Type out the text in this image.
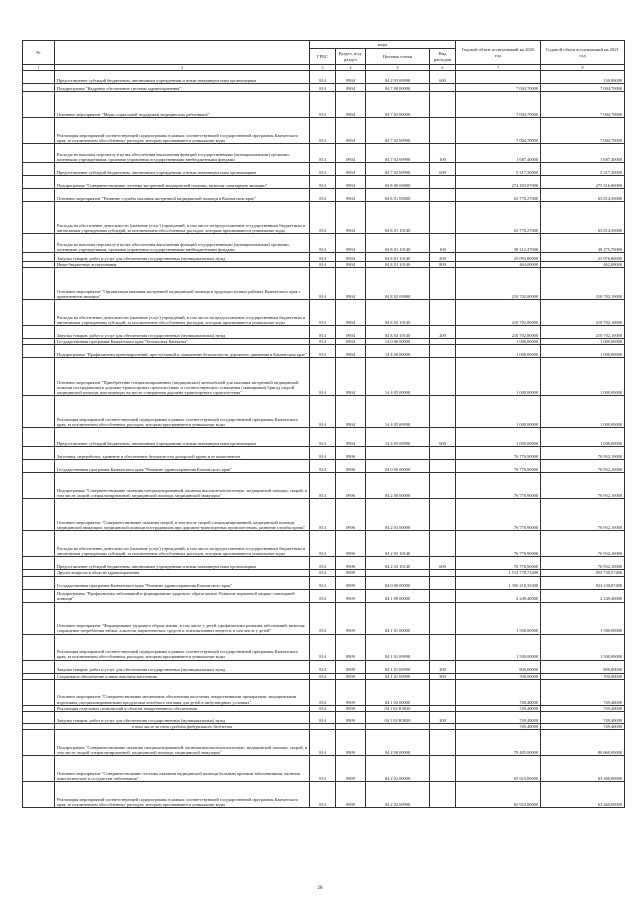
№		коды				Годовой объем ассигнований на 2020 год	Годовой объем ассигнований на 2021 год
		ГРБС	Раздел, под-раздел	Целевая статья	Вид расходов		
1	2	3	4	5	6	7	8
	Предоставление субсидий бюджетным, автономным учреждениям и иным некоммерческим организациям	814	0904	04 2 03 69990	600		130,00000
	Подпрограмма "Кадровое обеспечение системы здравоохранения"	814	0904	04 7 00 00000		7 004,70000	7 004,70000
	Основное мероприятие "Меры социальной поддержки медицинских работников"	814	0904	04 7 02 00000		7 004,70000	7 004,70000
	Реализация мероприятий соответствующей подпрограммы в рамках соответствующей государственной программы Камчатского края, за исключением обособленных расходов, которым присваиваются уникальные коды	814	0904	04 7 02 69990		7 004,70000	7 004,70000
	Расходы на выплаты персоналу в целях обеспечения выполнения функций государственными (муниципальными) органами, казенными учреждениями, органами управления государственными внебюджетными фондами	814	0904	04 7 02 69990	100	1 687,40000	1 687,40000
	Предоставление субсидий бюджетным, автономным учреждениям и иным некоммерческим организациям	814	0904	04 7 02 69990	600	5 317,30000	5 317,30000
	Подпрограмма "Совершенствование системы экстренной медицинской помощи, включая санитарную авиацию"	814	0904	04 Б 00 00000		274 493,07000	275 516,00000
	Основное мероприятие "Развитие службы оказания экстренной медицинской помощи в Камчатском крае"	814	0904	04 Б 01 00000		63 770,27000	63 814,50000
	Расходы на обеспечение деятельности (оказание услуг) учреждений, в том числе на предоставление государственным бюджетным и автономным учреждениям субсидий, за исключением обособленных расходов, которым присваиваются уникальные коды	814	0904	04 Б 01 10140		63 770,27000	63 814,50000
	Расходы на выплаты персоналу в целях обеспечения выполнения функций государственными (муниципальными) органами, казенными учреждениями, органами управления государственными внебюджетными фондами	814	0904	04 Б 01 10140	100	38 212,47000	38 275,70000
	Закупка товаров, работ и услуг для обеспечения государственных (муниципальных) нужд	814	0904	04 Б 01 10140	200	25 093,80000	25 076,80000
	Иные бюджетные ассигнования	814	0904	04 Б 01 10140	800	464,00000	462,00000
	Основное мероприятие "Организация оказания экстренной медицинской помощи в труднодоступных районах Камчатского края с применением авиации"	814	0904	04 Б 02 00000		210 702,80000	210 702,10000
	Расходы на обеспечение деятельности (оказание услуг) учреждений, в том числе на предоставление государственным бюджетным и автономным учреждениям субсидий, за исключением обособленных расходов, которым присваиваются уникальные коды	814	0904	04 Б 02 10140		210 702,80000	210 702,10000
	Закупка товаров, работ и услуг для обеспечения государственных (муниципальных) нужд	814	0904	04 Б 02 10140	200	210 702,80000	210 702,10000
	Государственная программа Камчатского края "Безопасная Камчатка"	814	0904	14 0 00 00000		1 000,00000	1 000,00000
	Подпрограмма "Профилактика правонарушений, преступлений и повышение безопасности дорожного движения в Камчатском крае"	814	0904	14 4 00 00000		1 000,00000	1 000,00000
	Основное мероприятие "Приобретение специализированных (медицинских) автомобилей для оказания экстренной медицинской помощи пострадавшим в дорожно-транспортных происшествиях и соответствующего оснащения (экипировки) бригад скорой медицинской помощи, выезжающих на место совершения дорожно-транспортного происшествия"	814	0904	14 4 05 00000		1 000,00000	1 000,00000
	Реализация мероприятий соответствующей подпрограммы в рамках соответствующей государственной программы Камчатского края, за исключением обособленных расходов, которым присваиваются уникальные коды	814	0904	14 4 05 69990		1 000,00000	1 000,00000
	Предоставление субсидий бюджетным, автономным учреждениям и иным некоммерческим организациям	814	0904	14 4 05 69990	600	1 000,00000	1 000,00000
	Заготовка, переработка, хранение и обеспечение безопасности донорской крови и ее компонентов	814	0906			76 776,90000	76 932,10000
	Государственная программа Камчатского края "Развитие здравоохранения Камчатского края"	814	0906	04 0 00 00000		76 776,90000	76 932,10000
	Подпрограмма "Совершенствование оказания специализированной, включая высокотехнологичную, медицинской помощи, скорой, в том числе скорой специализированной, медицинской помощи, медицинской эвакуации"	814	0906	04 2 00 00000		76 776,90000	76 932,10000
	Основное мероприятие "Совершенствование оказания скорой, в том числе скорой специализированной, медицинской помощи, медицинской эвакуации, медицинской помощи пострадавшим при дорожно-транспортных происшествиях, развитие службы крови"	814	0906	04 2 03 00000		76 776,90000	76 932,10000
	Расходы на обеспечение деятельности (оказание услуг) учреждений, в том числе на предоставление государственным бюджетным и автономным учреждениям субсидий, за исключением обособленных расходов, которым присваиваются уникальные коды	814	0906	04 2 03 10140		76 776,90000	76 932,10000
	Предоставление субсидий бюджетным, автономным учреждениям и иным некоммерческим организациям	814	0906	04 2 03 10140	600	76 776,90000	76 932,10000
	Другие вопросы в области здравоохранения	814	0909			1 512 778,73400	955 730,57400
	Государственная программа Камчатского края "Развитие здравоохранения Камчатского края"	814	0909	04 0 00 00000		1 356 218,35400	924 230,87400
	Подпрограмма "Профилактика заболеваний и формирование здорового образа жизни. Развитие первичной медико-санитарной помощи"	814	0909	04 1 00 00000		2 249,40000	2 249,40000
	Основное мероприятие "Формирование здорового образа жизни, в том числе у детей, профилактика развития заболеваний, включая сокращение потребления табака, алкоголя, наркотических средств и психоактивных веществ, в том числе у детей"	814	0909	04 1 01 00000		1 500,00000	1 500,00000
	Реализация мероприятий соответствующей подпрограммы в рамках соответствующей государственной программы Камчатского края, за исключением обособленных расходов, которым присваиваются уникальные коды	814	0909	04 1 01 69990		1 500,00000	1 500,00000
	Закупка товаров, работ и услуг для обеспечения государственных (муниципальных) нужд	814	0909	04 1 01 69990	200	800,00000	800,00000
	Социальное обеспечение и иные выплаты населению	814	0909	04 1 01 69990	300	700,00000	700,00000
	Основное мероприятие "Совершенствование механизмов обеспечения населения лекарственными препаратами, медицинскими изделиями, специализированными продуктами лечебного питания для детей в амбулаторных условиях"	814	0909	04 1 02 00000		749,40000	749,40000
	Реализация отдельных полномочий в области лекарственного обеспечения	814	0909	04 1 02 R3820		749,40000	749,40000
	Закупка товаров, работ и услуг для обеспечения государственных (муниципальных) нужд	814	0909	04 1 02 R3820	200	749,40000	749,40000
	в том числе за счет средств федерального бюджета					749,40000	749,40000
	Подпрограмма "Совершенствование оказания специализированной, включая высокотехнологичную, медицинской помощи, скорой, в том числе скорой специализированной, медицинской помощи, медицинской эвакуации"	814	0909	04 2 00 00000		78 485,00000	80 660,00000
	Основное мероприятие "Совершенствование системы оказания медицинской помощи больным прочими заболеваниями, включая онкологические и сосудистые заболевания"	814	0909	04 2 02 00000		65 923,00000	63 360,00000
	Реализация мероприятий соответствующей подпрограммы в рамках соответствующей государственной программы Камчатского края, за исключением обособленных расходов, которым присваиваются уникальные коды	814	0909	04 2 02 69990		65 923,00000	63 360,00000
28
